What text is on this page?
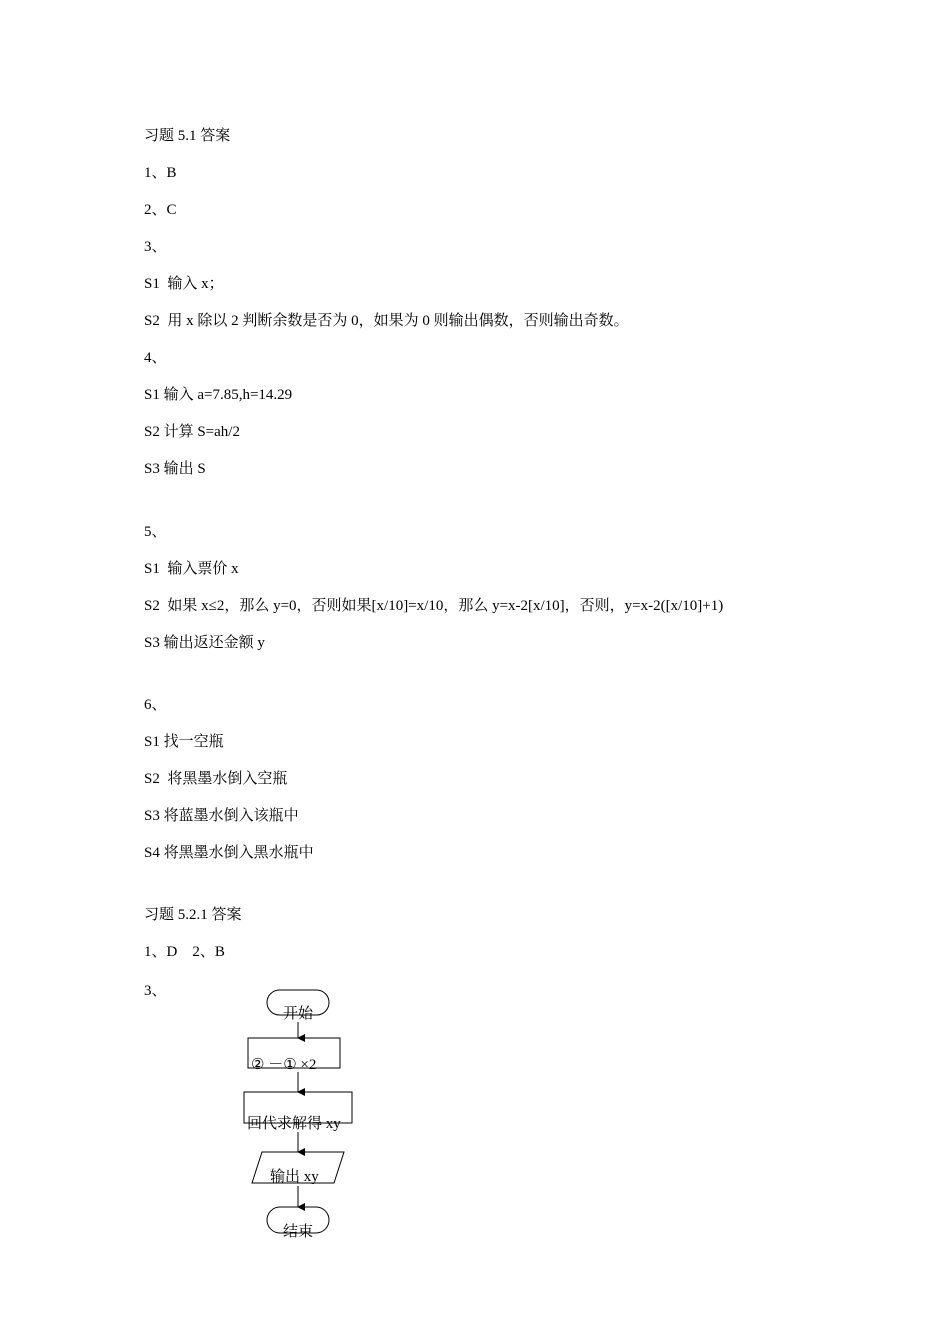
习题 5.1 答案
1、B
2、C
3、
S1  输入 x；
S2  用 x 除以 2 判断余数是否为 0，如果为 0 则输出偶数，否则输出奇数。
4、
S1 输入 a=7.85,h=14.29
S2 计算 S=ah/2
S3 输出 S
5、
S1  输入票价 x
S2  如果 x≤2，那么 y=0，否则如果[x/10]=x/10，那么 y=x-2[x/10]，否则，y=x-2([x/10]+1)
S3 输出返还金额 y
6、
S1 找一空瓶
S2  将黑墨水倒入空瓶
S3 将蓝墨水倒入该瓶中
S4 将黑墨水倒入黑水瓶中
习题 5.2.1 答案
1、D    2、B
3、
开始
② －① ×2
回代求解得 xy
输出 xy
结束
